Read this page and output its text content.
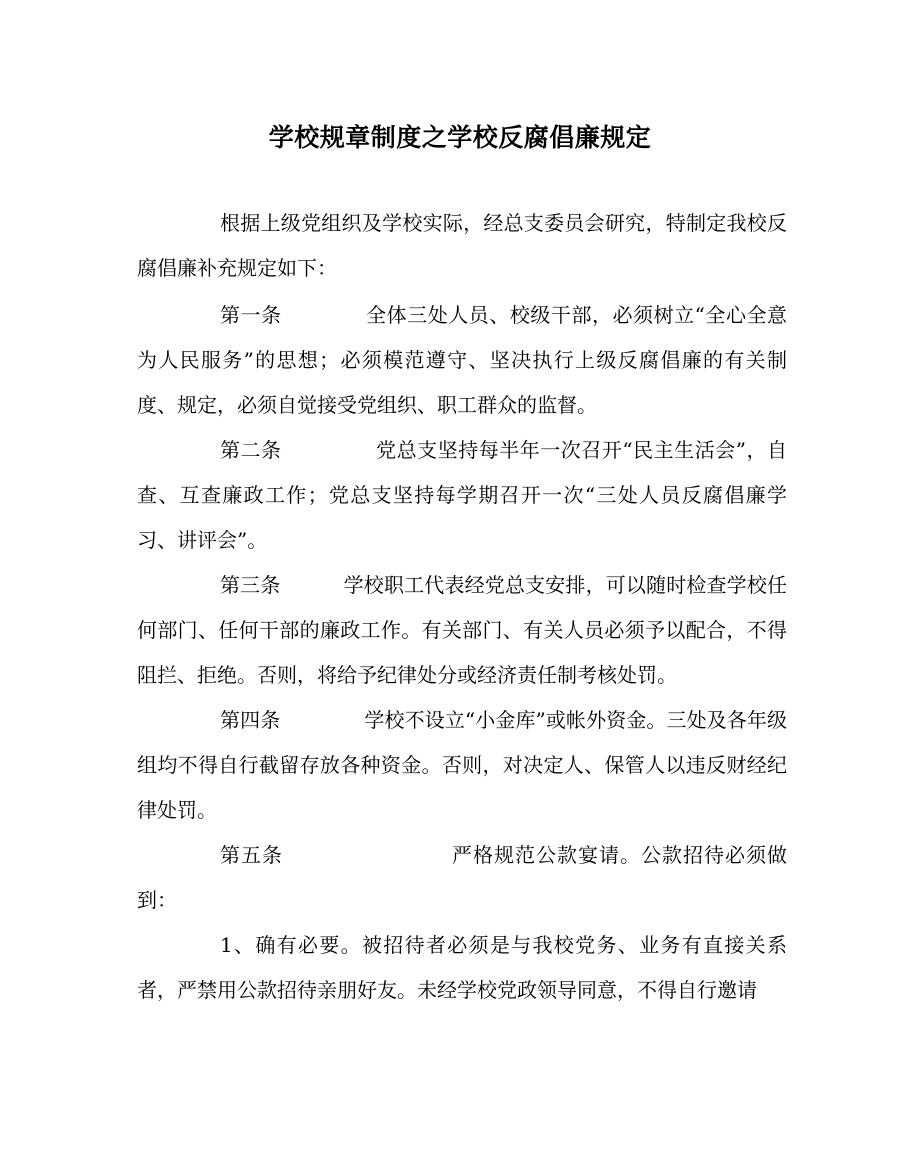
学校规章制度之学校反腐倡廉规定

根据上级党组织及学校实际，经总支委员会研究，特制定我校反腐倡廉补充规定如下：

第一条	全体三处人员、校级干部，必须树立“全心全意为人民服务”的思想；必须模范遵守、坚决执行上级反腐倡廉的有关制度、规定，必须自觉接受党组织、职工群众的监督。

第二条	党总支坚持每半年一次召开“民主生活会”，自查、互查廉政工作；党总支坚持每学期召开一次“三处人员反腐倡廉学习、讲评会”。

第三条	学校职工代表经党总支安排，可以随时检查学校任何部门、任何干部的廉政工作。有关部门、有关人员必须予以配合，不得阻拦、拒绝。否则，将给予纪律处分或经济责任制考核处罚。

第四条	学校不设立“小金库”或帐外资金。三处及各年级组均不得自行截留存放各种资金。否则，对决定人、保管人以违反财经纪律处罚。

第五条	严格规范公款宴请。公款招待必须做到：

1、确有必要。被招待者必须是与我校党务、业务有直接关系者，严禁用公款招待亲朋好友。未经学校党政领导同意，不得自行邀请
